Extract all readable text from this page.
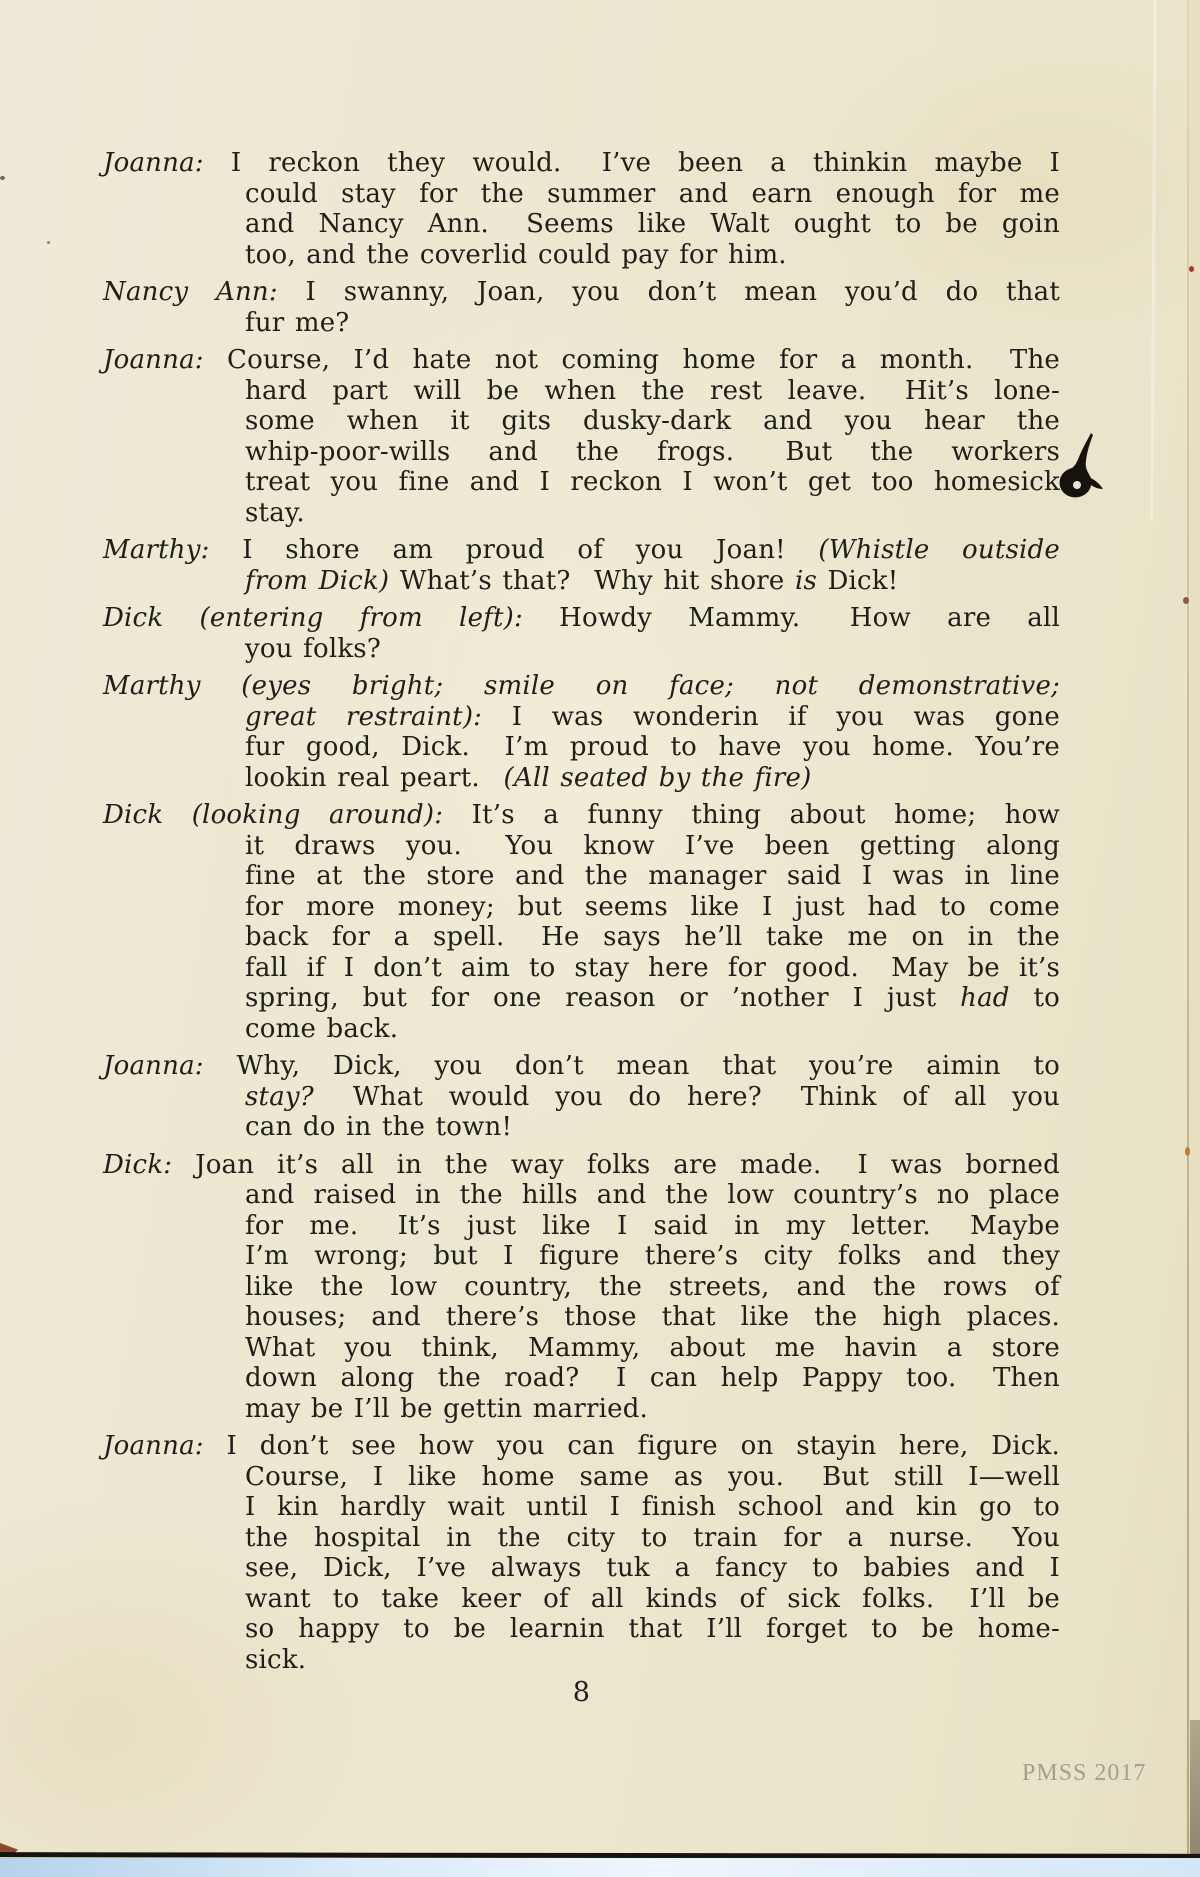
Joanna: I reckon they would.  I’ve been a thinkin maybe I
could stay for the summer and earn enough for me
and Nancy Ann.  Seems like Walt ought to be goin
too, and the coverlid could pay for him.
Nancy Ann: I swanny, Joan, you don’t mean you’d do that
fur me?
Joanna: Course, I’d hate not coming home for a month.  The
hard part will be when the rest leave.  Hit’s lone-
some when it gits dusky-dark and you hear the
whip-poor-wills and the frogs.  But the workers
treat you fine and I reckon I won’t get too homesick
stay.
Marthy: I shore am proud of you Joan! (Whistle outside
from Dick) What’s that?  Why hit shore is Dick!
Dick (entering from left): Howdy Mammy.  How are all
you folks?
Marthy (eyes bright; smile on face; not demonstrative;
great restraint): I was wonderin if you was gone
fur good, Dick.  I’m proud to have you home. You’re
lookin real peart.  (All seated by the fire)
Dick (looking around): It’s a funny thing about home; how
it draws you.  You know I’ve been getting along
fine at the store and the manager said I was in line
for more money; but seems like I just had to come
back for a spell.  He says he’ll take me on in the
fall if I don’t aim to stay here for good.  May be it’s
spring, but for one reason or ’nother I just had to
come back.
Joanna: Why, Dick, you don’t mean that you’re aimin to
stay?  What would you do here?  Think of all you
can do in the town!
Dick: Joan it’s all in the way folks are made.  I was borned
and raised in the hills and the low country’s no place
for me.  It’s just like I said in my letter.  Maybe
I’m wrong; but I figure there’s city folks and they
like the low country, the streets, and the rows of
houses; and there’s those that like the high places.
What you think, Mammy, about me havin a store
down along the road?  I can help Pappy too.  Then
may be I’ll be gettin married.
Joanna: I don’t see how you can figure on stayin here, Dick.
Course, I like home same as you.  But still I—well
I kin hardly wait until I finish school and kin go to
the hospital in the city to train for a nurse.  You
see, Dick, I’ve always tuk a fancy to babies and I
want to take keer of all kinds of sick folks.  I’ll be
so happy to be learnin that I’ll forget to be home-
sick.
8
PMSS 2017
